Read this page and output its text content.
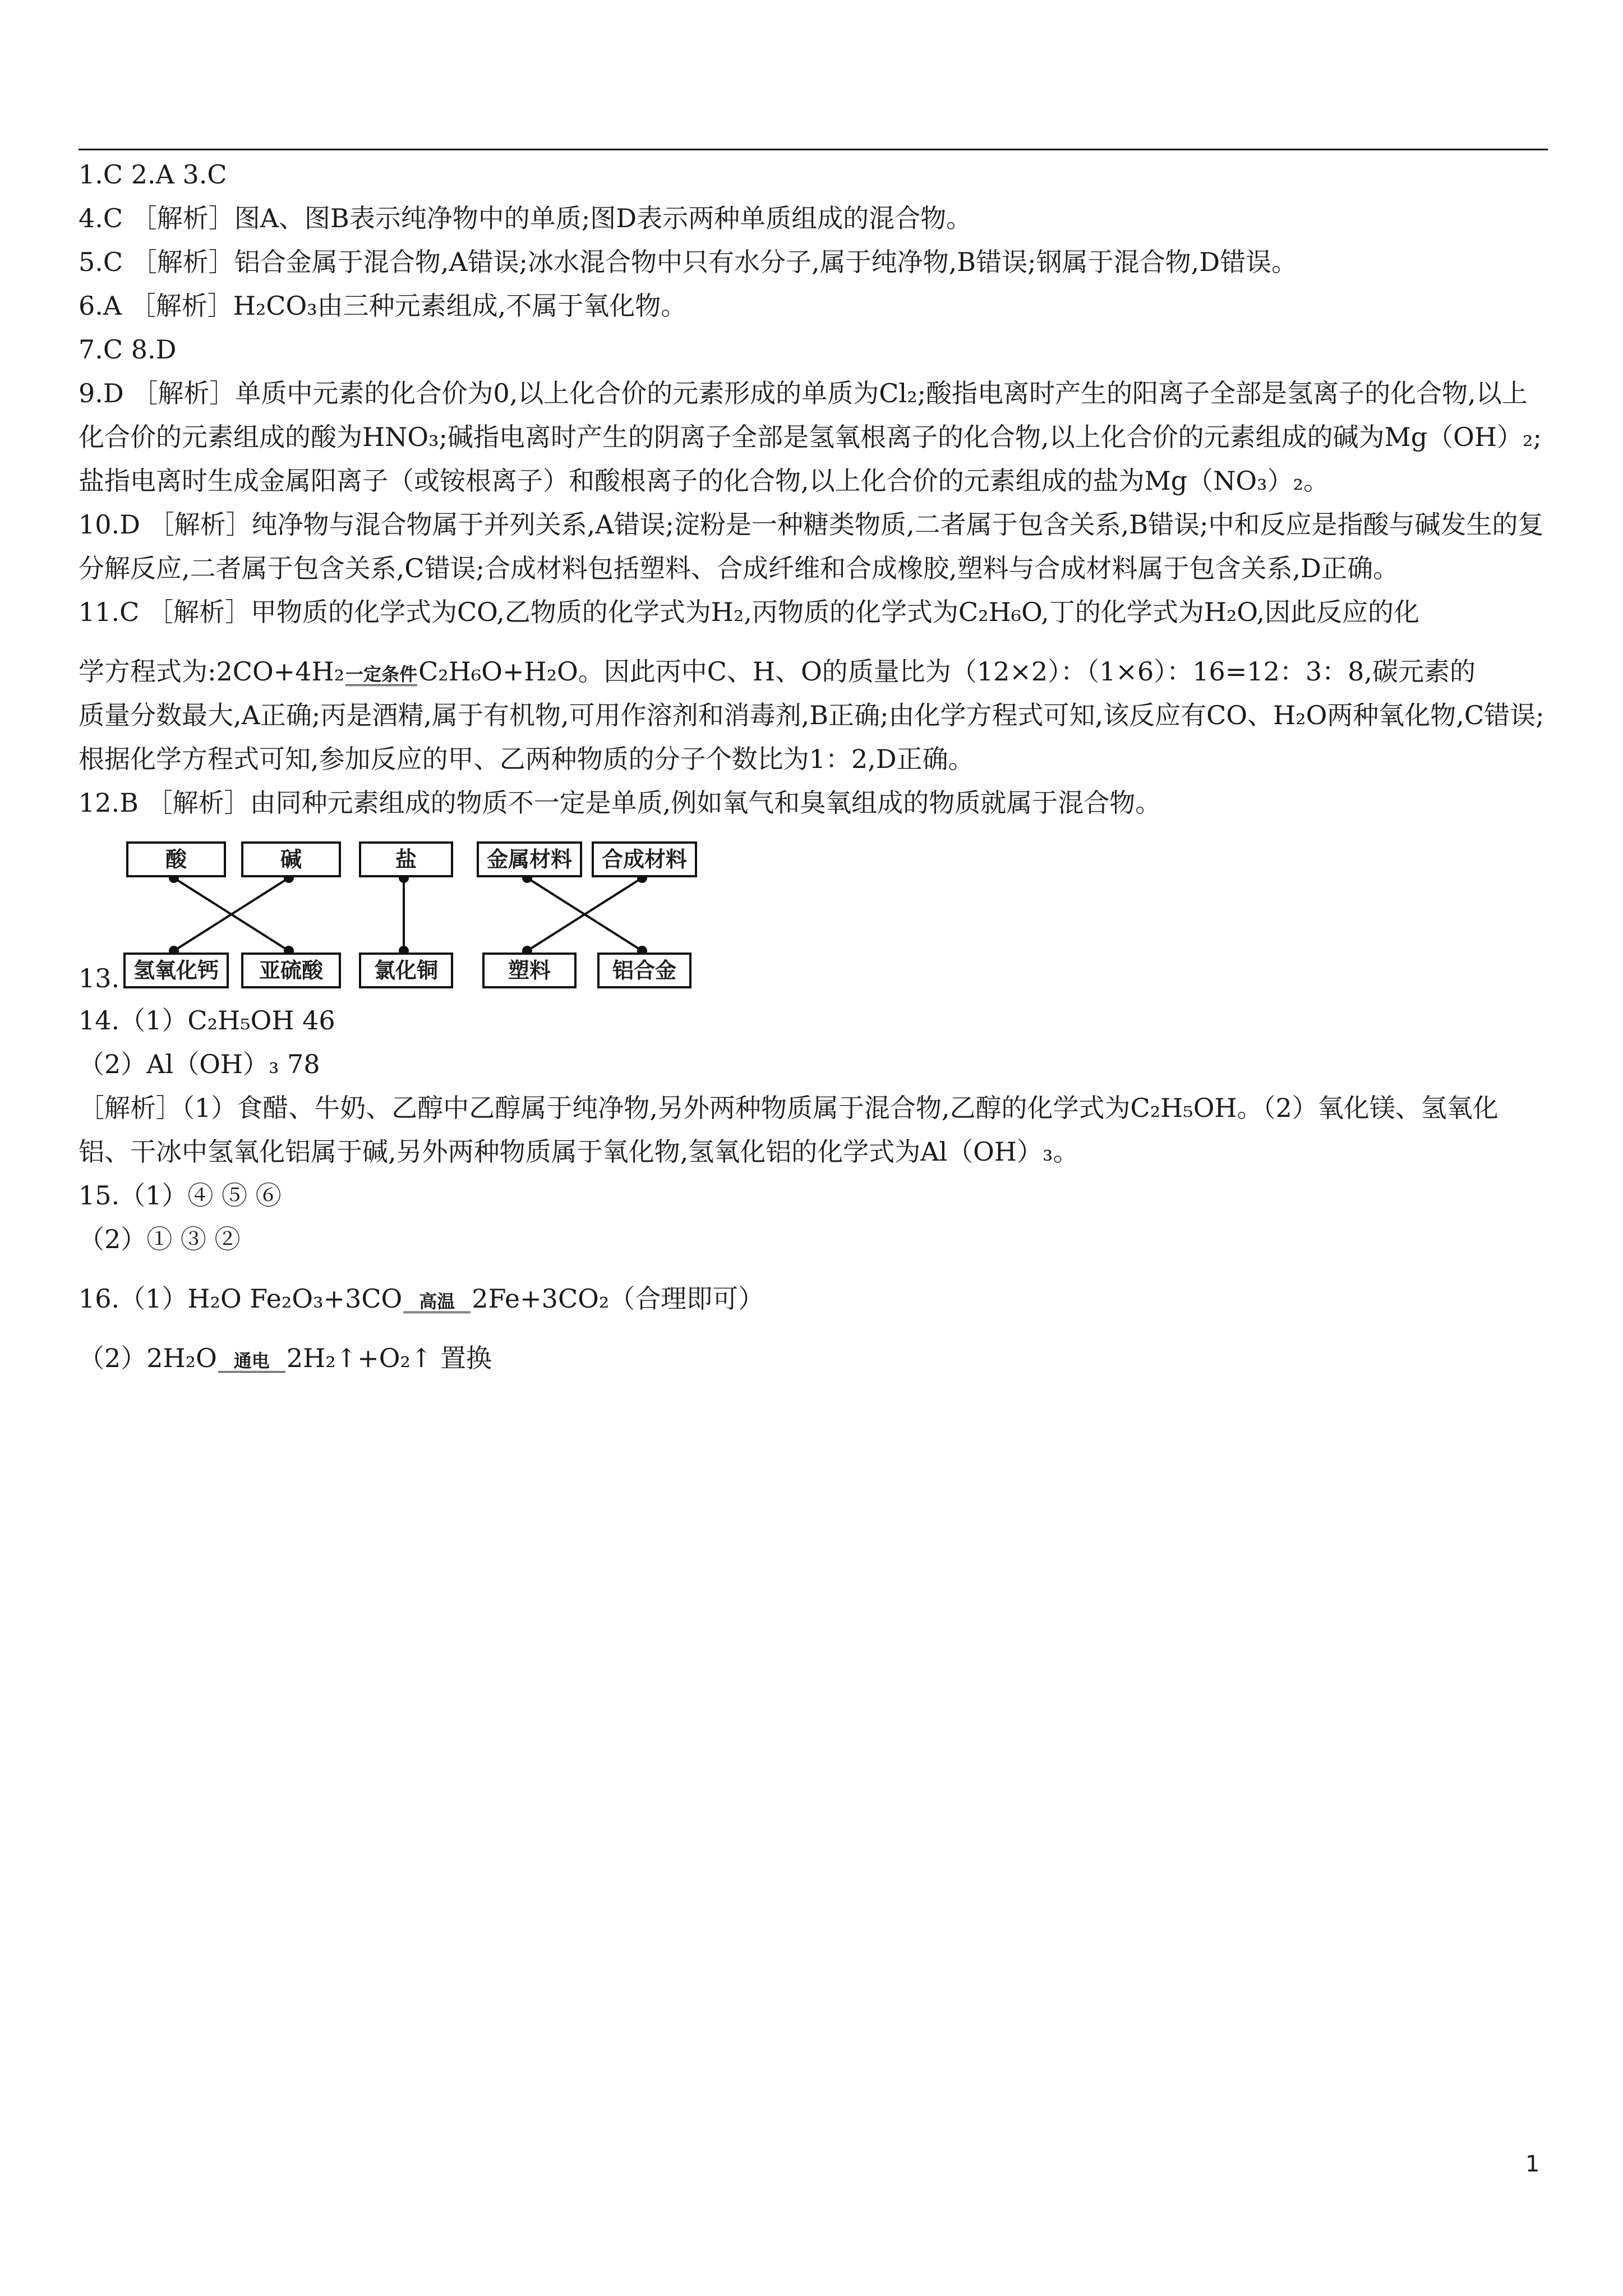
1.C 2.A 3.C
4.C ［解析］图A、图B表示纯净物中的单质;图D表示两种单质组成的混合物。
5.C ［解析］铝合金属于混合物,A错误;冰水混合物中只有水分子,属于纯净物,B错误;钢属于混合物,D错误。
6.A ［解析］H₂CO₃由三种元素组成,不属于氧化物。
7.C 8.D
9.D ［解析］单质中元素的化合价为0,以上化合价的元素形成的单质为Cl₂;酸指电离时产生的阳离子全部是氢离子的化合物,以上化合价的元素组成的酸为HNO₃;碱指电离时产生的阴离子全部是氢氧根离子的化合物,以上化合价的元素组成的碱为Mg（OH）₂;盐指电离时生成金属阳离子（或铵根离子）和酸根离子的化合物,以上化合价的元素组成的盐为Mg（NO₃）₂。
10.D ［解析］纯净物与混合物属于并列关系,A错误;淀粉是一种糖类物质,二者属于包含关系,B错误;中和反应是指酸与碱发生的复分解反应,二者属于包含关系,C错误;合成材料包括塑料、合成纤维和合成橡胶,塑料与合成材料属于包含关系,D正确。
11.C ［解析］甲物质的化学式为CO,乙物质的化学式为H₂,丙物质的化学式为C₂H₆O,丁的化学式为H₂O,因此反应的化
学方程式为:2CO+4H₂ 一定条件 C₂H₆O+H₂O。因此丙中C、H、O的质量比为（12×2）：（1×6）：16=12：3：8,碳元素的
质量分数最大,A正确;丙是酒精,属于有机物,可用作溶剂和消毒剂,B正确;由化学方程式可知,该反应有CO、H₂O两种氧化物,C错误;根据化学方程式可知,参加反应的甲、乙两种物质的分子个数比为1：2,D正确。
12.B ［解析］由同种元素组成的物质不一定是单质,例如氧气和臭氧组成的物质就属于混合物。
酸	碱	盐	金属材料	合成材料
氢氧化钙	亚硫酸	氯化铜	塑料	铝合金
13.
14.（1）C₂H₅OH 46
（2）Al（OH）₃ 78
［解析］（1）食醋、牛奶、乙醇中乙醇属于纯净物,另外两种物质属于混合物,乙醇的化学式为C₂H₅OH。（2）氧化镁、氢氧化铝、干冰中氢氧化铝属于碱,另外两种物质属于氧化物,氢氧化铝的化学式为Al（OH）₃。
15.（1）④ ⑤ ⑥
（2）① ③ ②
16.（1）H₂O Fe₂O₃+3CO 高温 2Fe+3CO₂（合理即可）
（2）2H₂O 通电 2H₂↑+O₂↑ 置换
1
